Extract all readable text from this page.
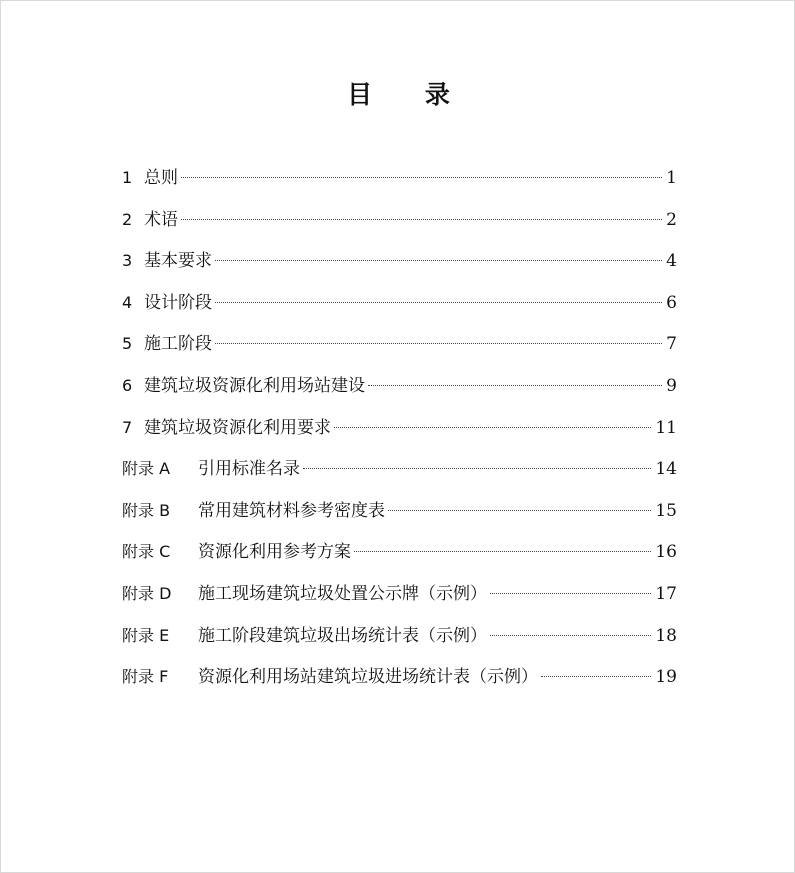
目 录
1 总则	1
2 术语	2
3 基本要求	4
4 设计阶段	6
5 施工阶段	7
6 建筑垃圾资源化利用场站建设	9
7 建筑垃圾资源化利用要求	11
附录 A	引用标准名录	14
附录 B	常用建筑材料参考密度表	15
附录 C	资源化利用参考方案	16
附录 D	施工现场建筑垃圾处置公示牌（示例）	17
附录 E	施工阶段建筑垃圾出场统计表（示例）	18
附录 F	资源化利用场站建筑垃圾进场统计表（示例）	19
